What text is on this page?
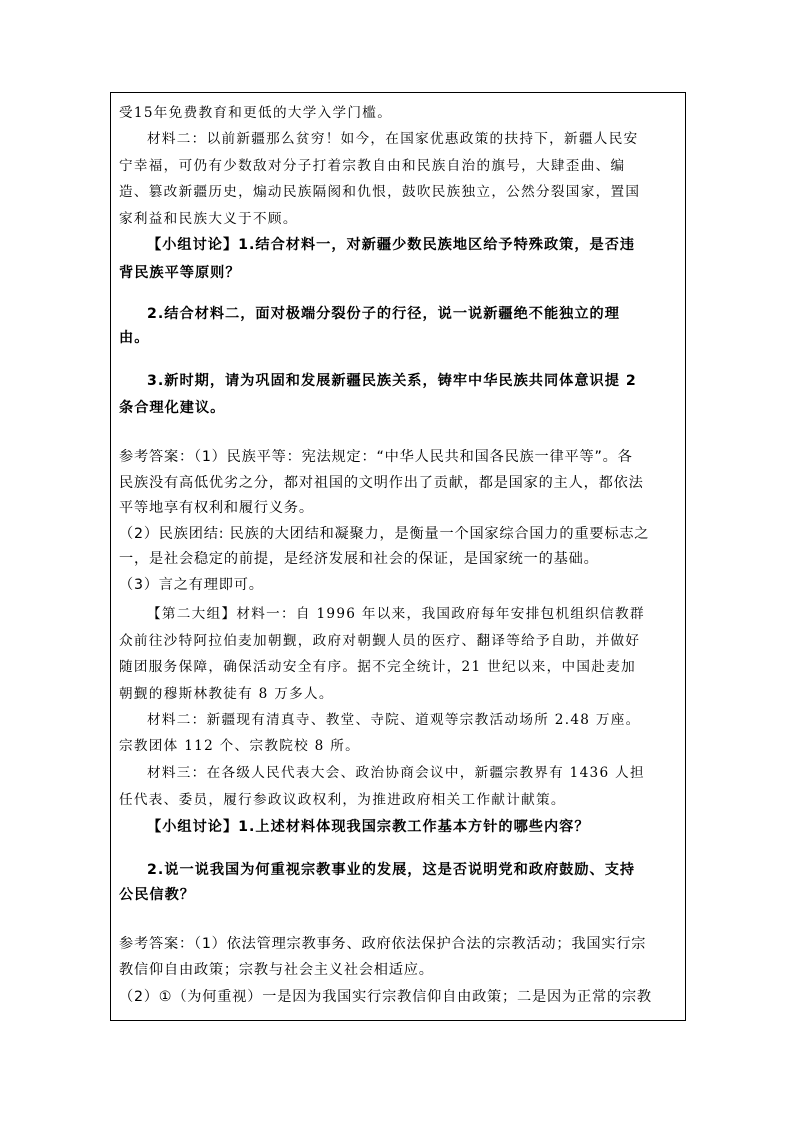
受15年免费教育和更低的大学入学门槛。
材料二：以前新疆那么贫穷！如今，在国家优惠政策的扶持下，新疆人民安
宁幸福，可仍有少数敌对分子打着宗教自由和民族自治的旗号，大肆歪曲、编
造、篡改新疆历史，煽动民族隔阂和仇恨，鼓吹民族独立，公然分裂国家，置国
家利益和民族大义于不顾。
【小组讨论】1.结合材料一，对新疆少数民族地区给予特殊政策，是否违
背民族平等原则？
2.结合材料二，面对极端分裂份子的行径，说一说新疆绝不能独立的理
由。
3.新时期，请为巩固和发展新疆民族关系，铸牢中华民族共同体意识提 2
条合理化建议。
参考答案：（1）民族平等：宪法规定：“中华人民共和国各民族一律平等”。各
民族没有高低优劣之分，都对祖国的文明作出了贡献，都是国家的主人，都依法
平等地享有权利和履行义务。
（2）民族团结: 民族的大团结和凝聚力，是衡量一个国家综合国力的重要标志之
一，是社会稳定的前提，是经济发展和社会的保证，是国家统一的基础。
（3）言之有理即可。
【第二大组】材料一：自 1996 年以来，我国政府每年安排包机组织信教群
众前往沙特阿拉伯麦加朝觐，政府对朝觐人员的医疗、翻译等给予自助，并做好
随团服务保障，确保活动安全有序。据不完全统计，21 世纪以来，中国赴麦加
朝觐的穆斯林教徒有 8 万多人。
材料二：新疆现有清真寺、教堂、寺院、道观等宗教活动场所 2.48 万座。
宗教团体 112 个、宗教院校 8 所。
材料三：在各级人民代表大会、政治协商会议中，新疆宗教界有 1436 人担
任代表、委员，履行参政议政权利，为推进政府相关工作献计献策。
【小组讨论】1.上述材料体现我国宗教工作基本方针的哪些内容？
2.说一说我国为何重视宗教事业的发展，这是否说明党和政府鼓励、支持
公民信教？
参考答案：（1）依法管理宗教事务、政府依法保护合法的宗教活动；我国实行宗
教信仰自由政策；宗教与社会主义社会相适应。
（2）①（为何重视）一是因为我国实行宗教信仰自由政策；二是因为正常的宗教
